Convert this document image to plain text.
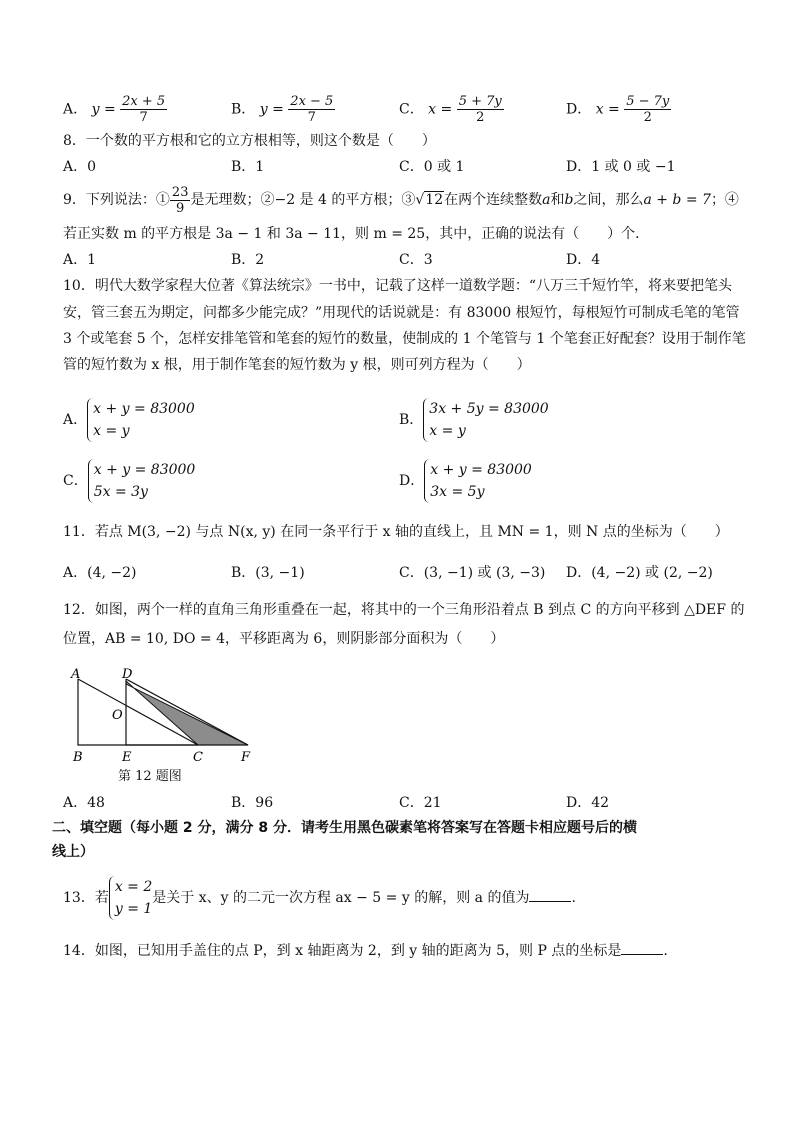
A． $y = \frac{2x + 5}{7}$	B． $y = \frac{2x - 5}{7}$	C． $x = \frac{5 + 7y}{2}$	D． $x = \frac{5 - 7y}{2}$
8．一个数的平方根和它的立方根相等，则这个数是（　　）
A．0	B．1	C．0 或 1	D．1 或 0 或 −1
9．下列说法：① $\frac{23}{9}$ 是无理数；②−2 是 4 的平方根；③√12在两个连续整数a和b之间，那么a + b = 7；④
若正实数 m 的平方根是 3a − 1 和 3a − 11，则 m = 25，其中，正确的说法有（　　）个．
A．1	B．2	C．3	D．4
10．明代大数学家程大位著《算法统宗》一书中，记载了这样一道数学题：“八万三千短竹竿，将来要把笔头
安，管三套五为期定，问都多少能完成？”用现代的话说就是：有 83000 根短竹，每根短竹可制成毛笔的笔管
3 个或笔套 5 个，怎样安排笔管和笔套的短竹的数量，使制成的 1 个笔管与 1 个笔套正好配套？设用于制作笔
管的短竹数为 x 根，用于制作笔套的短竹数为 y 根，则可列方程为（　　）
A．
x + y = 83000
x = y
B．
3x + 5y = 83000
x = y
C．
x + y = 83000
5x = 3y
D．
x + y = 83000
3x = 5y
11．若点 M(3, −2) 与点 N(x, y) 在同一条平行于 x 轴的直线上，且 MN = 1，则 N 点的坐标为（　　）
A．(4, −2)	B．(3, −1)	C．(3, −1) 或 (3, −3) D．(4, −2) 或 (2, −2)
12．如图，两个一样的直角三角形重叠在一起，将其中的一个三角形沿着点 B 到点 C 的方向平移到 △DEF 的
位置，AB = 10, DO = 4，平移距离为 6，则阴影部分面积为（　　）
A	D
O
B	E	C	F
第 12 题图
A．48	B．96	C．21	D．42
二、填空题（每小题 2 分，满分 8 分．请考生用黑色碳素笔将答案写在答题卡相应题号后的横
线上）
13．若
x = 2
y = 1
是关于 x、y 的二元一次方程 ax − 5 = y 的解，则 a 的值为	.
14．如图，已知用手盖住的点 P，到 x 轴距离为 2，到 y 轴的距离为 5，则 P 点的坐标是	.
